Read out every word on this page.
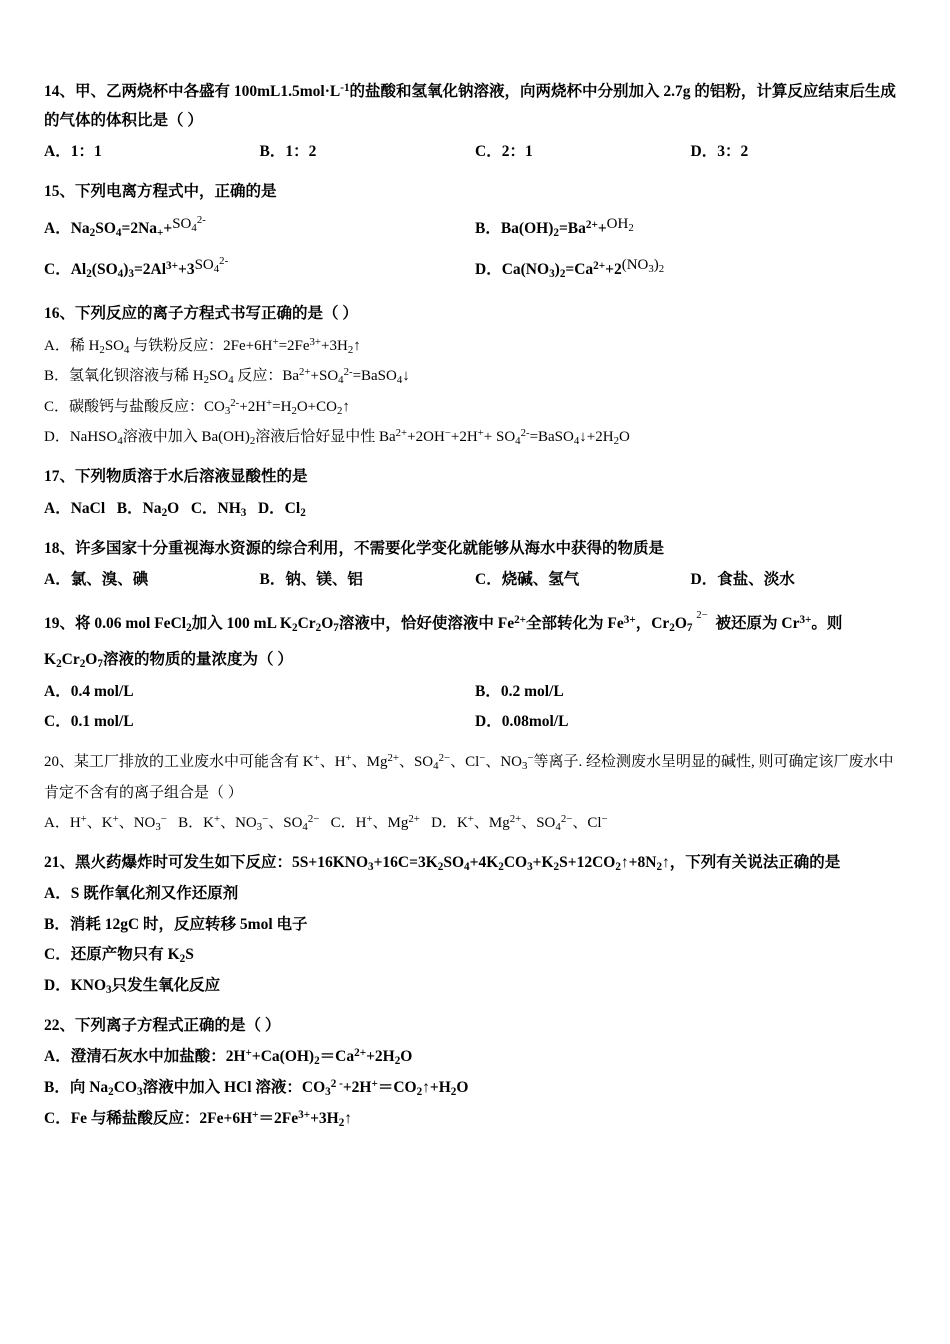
14、甲、乙两烧杯中各盛有 $100mL1.5mol\cdot L^{-1}$的盐酸和氢氧化钠溶液，向两烧杯中分别加入 2.7g 的铝粉，计算反应结束后生成的气体的体积比是（ ）
A．1：1	B．1：2	C．2：1	D．3：2
15、下列电离方程式中，正确的是
A．$Na_2SO_4=2Na_++SO_4^{2-}$	B．$Ba(OH)_2=Ba^{2+}+OH_2$
C．$Al_2(SO_4)_3=2Al^{3+}+3SO_4^{2-}$	D．$Ca(NO_3)_2=Ca^{2+}+2(NO_3)_2$
16、下列反应的离子方程式书写正确的是（ ）
A．稀 $H_2SO_4$ 与铁粉反应：$2Fe+6H^+=2Fe^{3+}+3H_2↑$
B．氢氧化钡溶液与稀 $H_2SO_4$ 反应：$Ba^{2+}+SO_4^{2-}=BaSO_4↓$
C．碳酸钙与盐酸反应：$CO_3^{2-}+2H^+=H_2O+CO_2↑$
D．NaHSO$_4$溶液中加入 $Ba(OH)_2$溶液后恰好显中性 $Ba^{2+}+2OH^-+2H^++$ $SO_4^{2-}=BaSO_4↓+2H_2O$
17、下列物质溶于水后溶液显酸性的是
A．NaCl B．$Na_2O$ C．$NH_3$ D．$Cl_2$
18、许多国家十分重视海水资源的综合利用，不需要化学变化就能够从海水中获得的物质是
A．氯、溴、碘	B．钠、镁、铝	C．烧碱、氢气	D．食盐、淡水
19、将 0.06 mol FeCl$_2$加入 100 mL $K_2Cr_2O_7$溶液中，恰好使溶液中 $Fe^{2+}$全部转化为 $Fe^{3+}$，$Cr_2O_7$ $^{2-}$  被还原为 $Cr^{3+}$。则
$K_2Cr_2O_7$溶液的物质的量浓度为（ ）
A．0.4 mol/L	B．0.2 mol/L
C．0.1 mol/L	D．0.08mol/L
20、某工厂排放的工业废水中可能含有 K+、H+、$Mg^{2+}$、$SO_4^{2-}$、Cl−、$NO_3^-$等离子. 经检测废水呈明显的碱性, 则可确定该厂废水中肯定不含有的离子组合是（ ）
A．H+、K+、$NO_3^-$ B．K+、$NO_3^-$、$SO_4^{2-}$ C．H+、$Mg^{2+}$ D．K+、$Mg^{2+}$、$SO_4^{2-}$、Cl−
21、黑火药爆炸时可发生如下反应：$5S+16KNO_3+16C=3K_2SO_4+4K_2CO_3+K_2S+12CO_2↑+8N_2↑$，下列有关说法正确的是
A．S 既作氧化剂又作还原剂
B．消耗 12gC 时，反应转移 5mol 电子
C．还原产物只有 $K_2S$
D．$KNO_3$只发生氧化反应
22、下列离子方程式正确的是（ ）
A．澄清石灰水中加盐酸：$2H^++Ca(OH)_2=Ca^{2+}+2H_2O$
B．向 $Na_2CO_3$溶液中加入 HCl 溶液：$CO_3^{2 -}+2H^+=CO_2↑+H_2O$
C．Fe 与稀盐酸反应：$2Fe+6H^+=2Fe^{3+}+3H_2↑$
